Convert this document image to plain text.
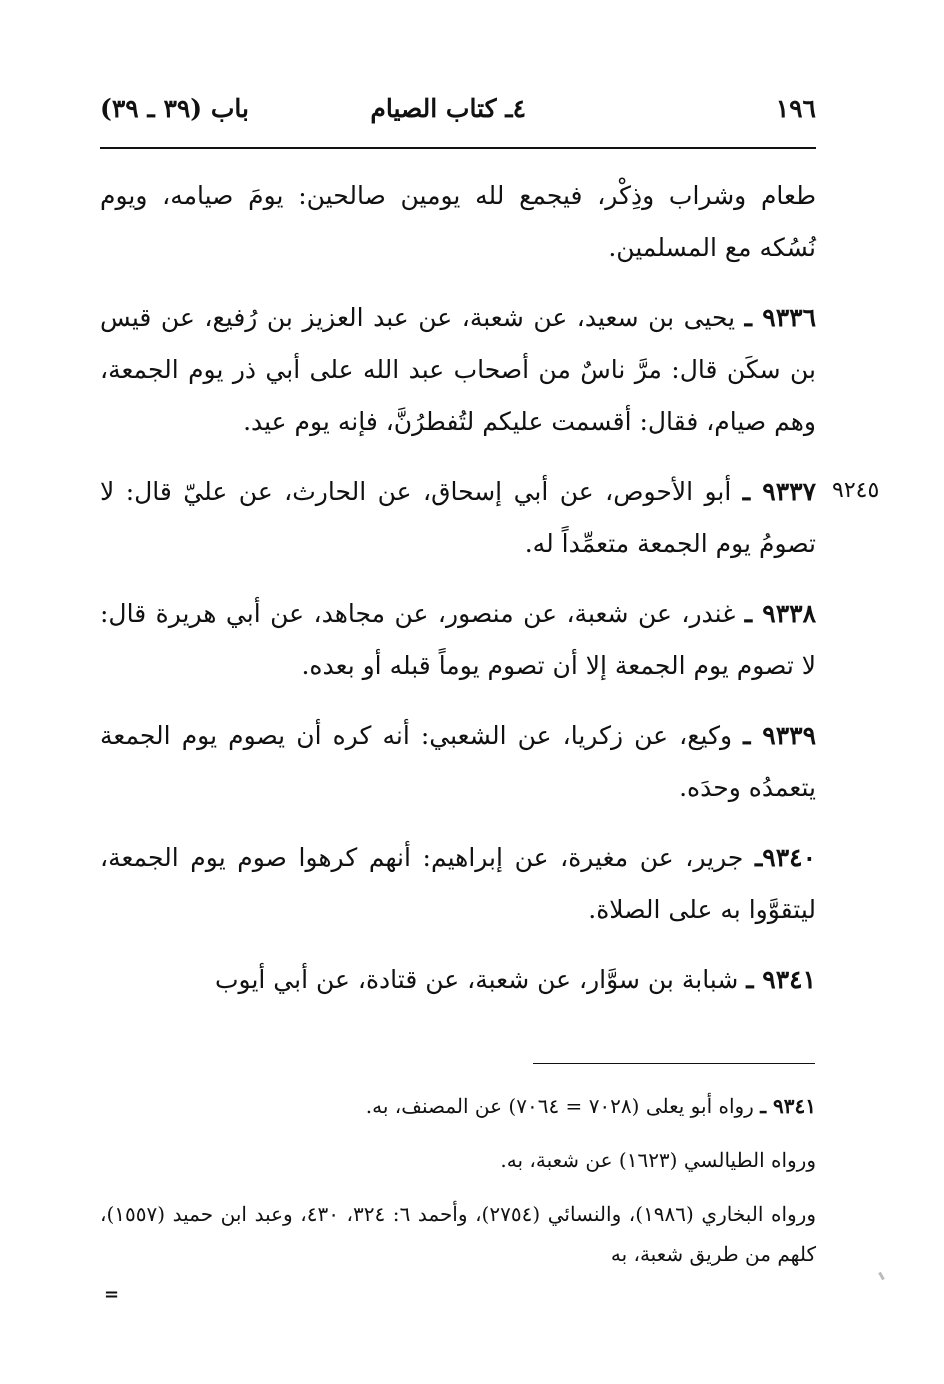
١٩٦
٤ـ كتاب الصيام
باب (٣٩ ـ ٣٩)

طعام وشراب وذِكْر، فيجمع لله يومين صالحين: يومَ صيامه، ويوم نُسُكه مع المسلمين.

٩٣٣٦ ـ يحيى بن سعيد، عن شعبة، عن عبد العزيز بن رُفيع، عن قيس بن سكَن قال: مرَّ ناسٌ من أصحاب عبد الله على أبي ذر يوم الجمعة، وهم صيام، فقال: أقسمت عليكم لتُفطرُنَّ، فإنه يوم عيد.

٩٣٣٧ ـ أبو الأحوص، عن أبي إسحاق، عن الحارث، عن عليّ قال: لا تصومُ يوم الجمعة متعمِّداً له.

٩٣٣٨ ـ غندر، عن شعبة، عن منصور، عن مجاهد، عن أبي هريرة قال: لا تصوم يوم الجمعة إلا أن تصوم يوماً قبله أو بعده.

٩٣٣٩ ـ وكيع، عن زكريا، عن الشعبي: أنه كره أن يصوم يوم الجمعة يتعمدُه وحدَه.

٩٣٤٠ـ جرير، عن مغيرة، عن إبراهيم: أنهم كرهوا صوم يوم الجمعة، ليتقوَّوا به على الصلاة.

٩٣٤١ ـ شبابة بن سوَّار، عن شعبة، عن قتادة، عن أبي أيوب

٩٢٤٥

٩٣٤١ ـ رواه أبو يعلى (٧٠٢٨ = ٧٠٦٤) عن المصنف، به.

ورواه الطيالسي (١٦٢٣) عن شعبة، به.

ورواه البخاري (١٩٨٦)، والنسائي (٢٧٥٤)، وأحمد ٦: ٣٢٤، ٤٣٠، وعبد ابن حميد (١٥٥٧)، كلهم من طريق شعبة، به

=
